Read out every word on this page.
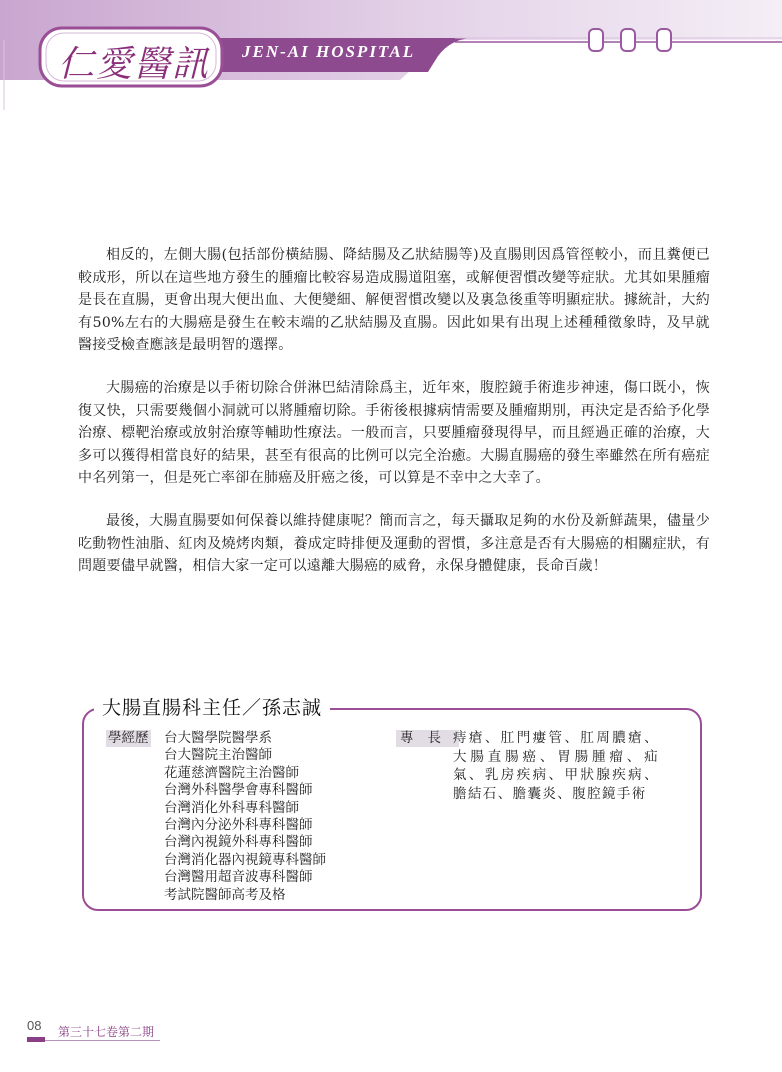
仁愛醫訊 JEN-AI HOSPITAL

相反的，左側大腸(包括部份橫結腸、降結腸及乙狀結腸等)及直腸則因爲管徑較小，而且糞便已較成形，所以在這些地方發生的腫瘤比較容易造成腸道阻塞，或解便習慣改變等症狀。尤其如果腫瘤是長在直腸，更會出現大便出血、大便變細、解便習慣改變以及裏急後重等明顯症狀。據統計，大約有50%左右的大腸癌是發生在較末端的乙狀結腸及直腸。因此如果有出現上述種種徵象時，及早就醫接受檢查應該是最明智的選擇。

大腸癌的治療是以手術切除合併淋巴結清除爲主，近年來，腹腔鏡手術進步神速，傷口既小，恢復又快，只需要幾個小洞就可以將腫瘤切除。手術後根據病情需要及腫瘤期別，再決定是否給予化學治療、標靶治療或放射治療等輔助性療法。一般而言，只要腫瘤發現得早，而且經過正確的治療，大多可以獲得相當良好的結果，甚至有很高的比例可以完全治癒。大腸直腸癌的發生率雖然在所有癌症中名列第一，但是死亡率卻在肺癌及肝癌之後，可以算是不幸中之大幸了。

最後，大腸直腸要如何保養以維持健康呢？簡而言之，每天攝取足夠的水份及新鮮蔬果，儘量少吃動物性油脂、紅肉及燒烤肉類，養成定時排便及運動的習慣，多注意是否有大腸癌的相關症狀，有問題要儘早就醫，相信大家一定可以遠離大腸癌的威脅，永保身體健康，長命百歲！

大腸直腸科主任／孫志誠
學經歷 台大醫學院醫學系
台大醫院主治醫師
花蓮慈濟醫院主治醫師
台灣外科醫學會專科醫師
台灣消化外科專科醫師
台灣內分泌外科專科醫師
台灣內視鏡外科專科醫師
台灣消化器內視鏡專科醫師
台灣醫用超音波專科醫師
考試院醫師高考及格
專長
痔瘡、肛門瘻管、肛周膿瘡、大腸直腸癌、胃腸腫瘤、疝氣、乳房疾病、甲狀腺疾病、膽結石、膽囊炎、腹腔鏡手術
08 第三十七卷第二期
